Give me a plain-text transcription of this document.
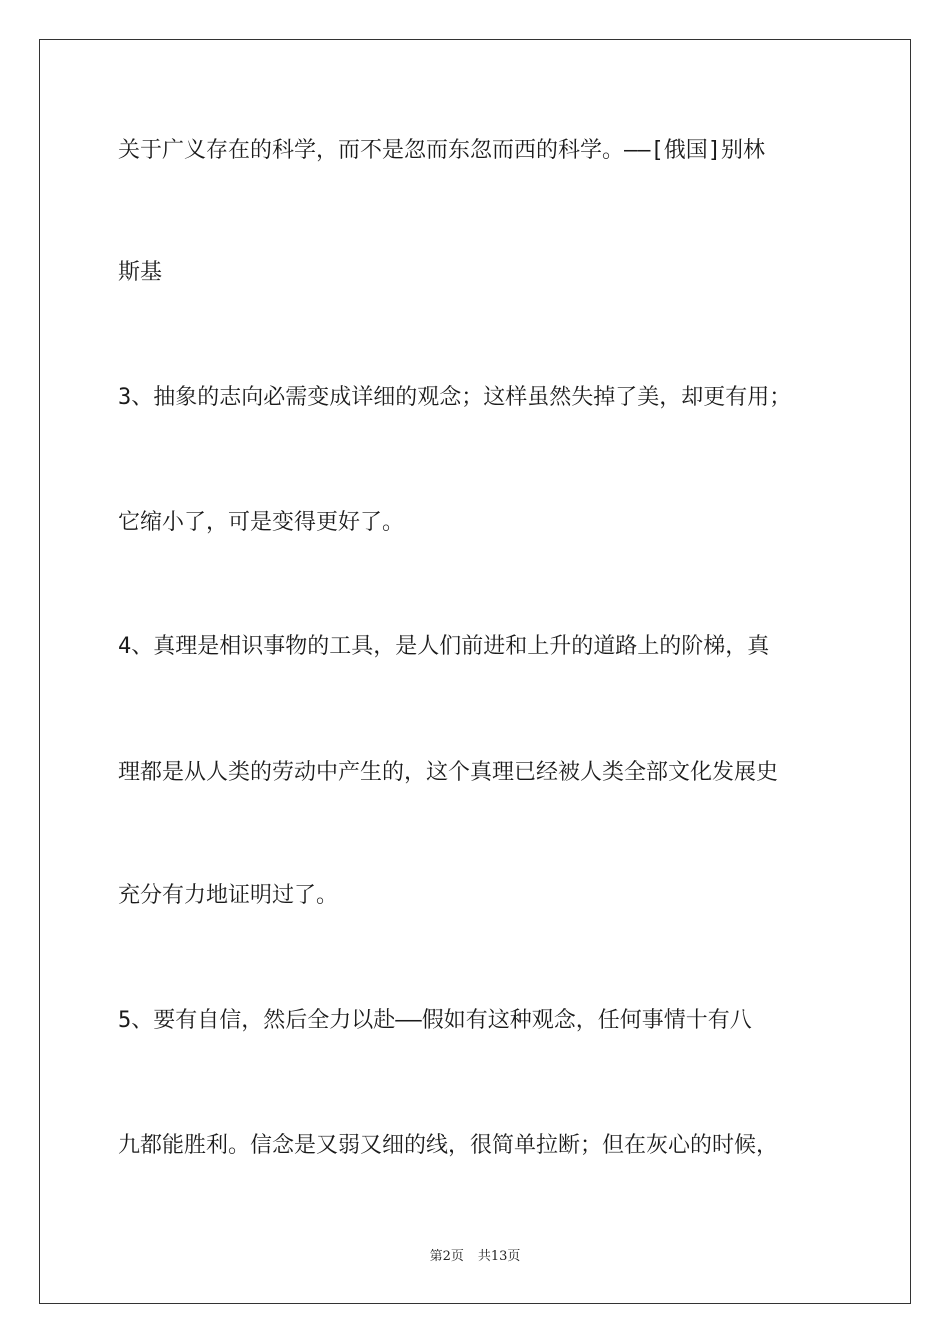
关于广义存在的科学，而不是忽而东忽而西的科学。——[俄国]别林
斯基
3、抽象的志向必需变成详细的观念；这样虽然失掉了美，却更有用；
它缩小了，可是变得更好了。
4、真理是相识事物的工具，是人们前进和上升的道路上的阶梯，真
理都是从人类的劳动中产生的，这个真理已经被人类全部文化发展史
充分有力地证明过了。
5、要有自信，然后全力以赴——假如有这种观念，任何事情十有八
九都能胜利。信念是又弱又细的线，很简单拉断；但在灰心的时候，
第2页 共13页
